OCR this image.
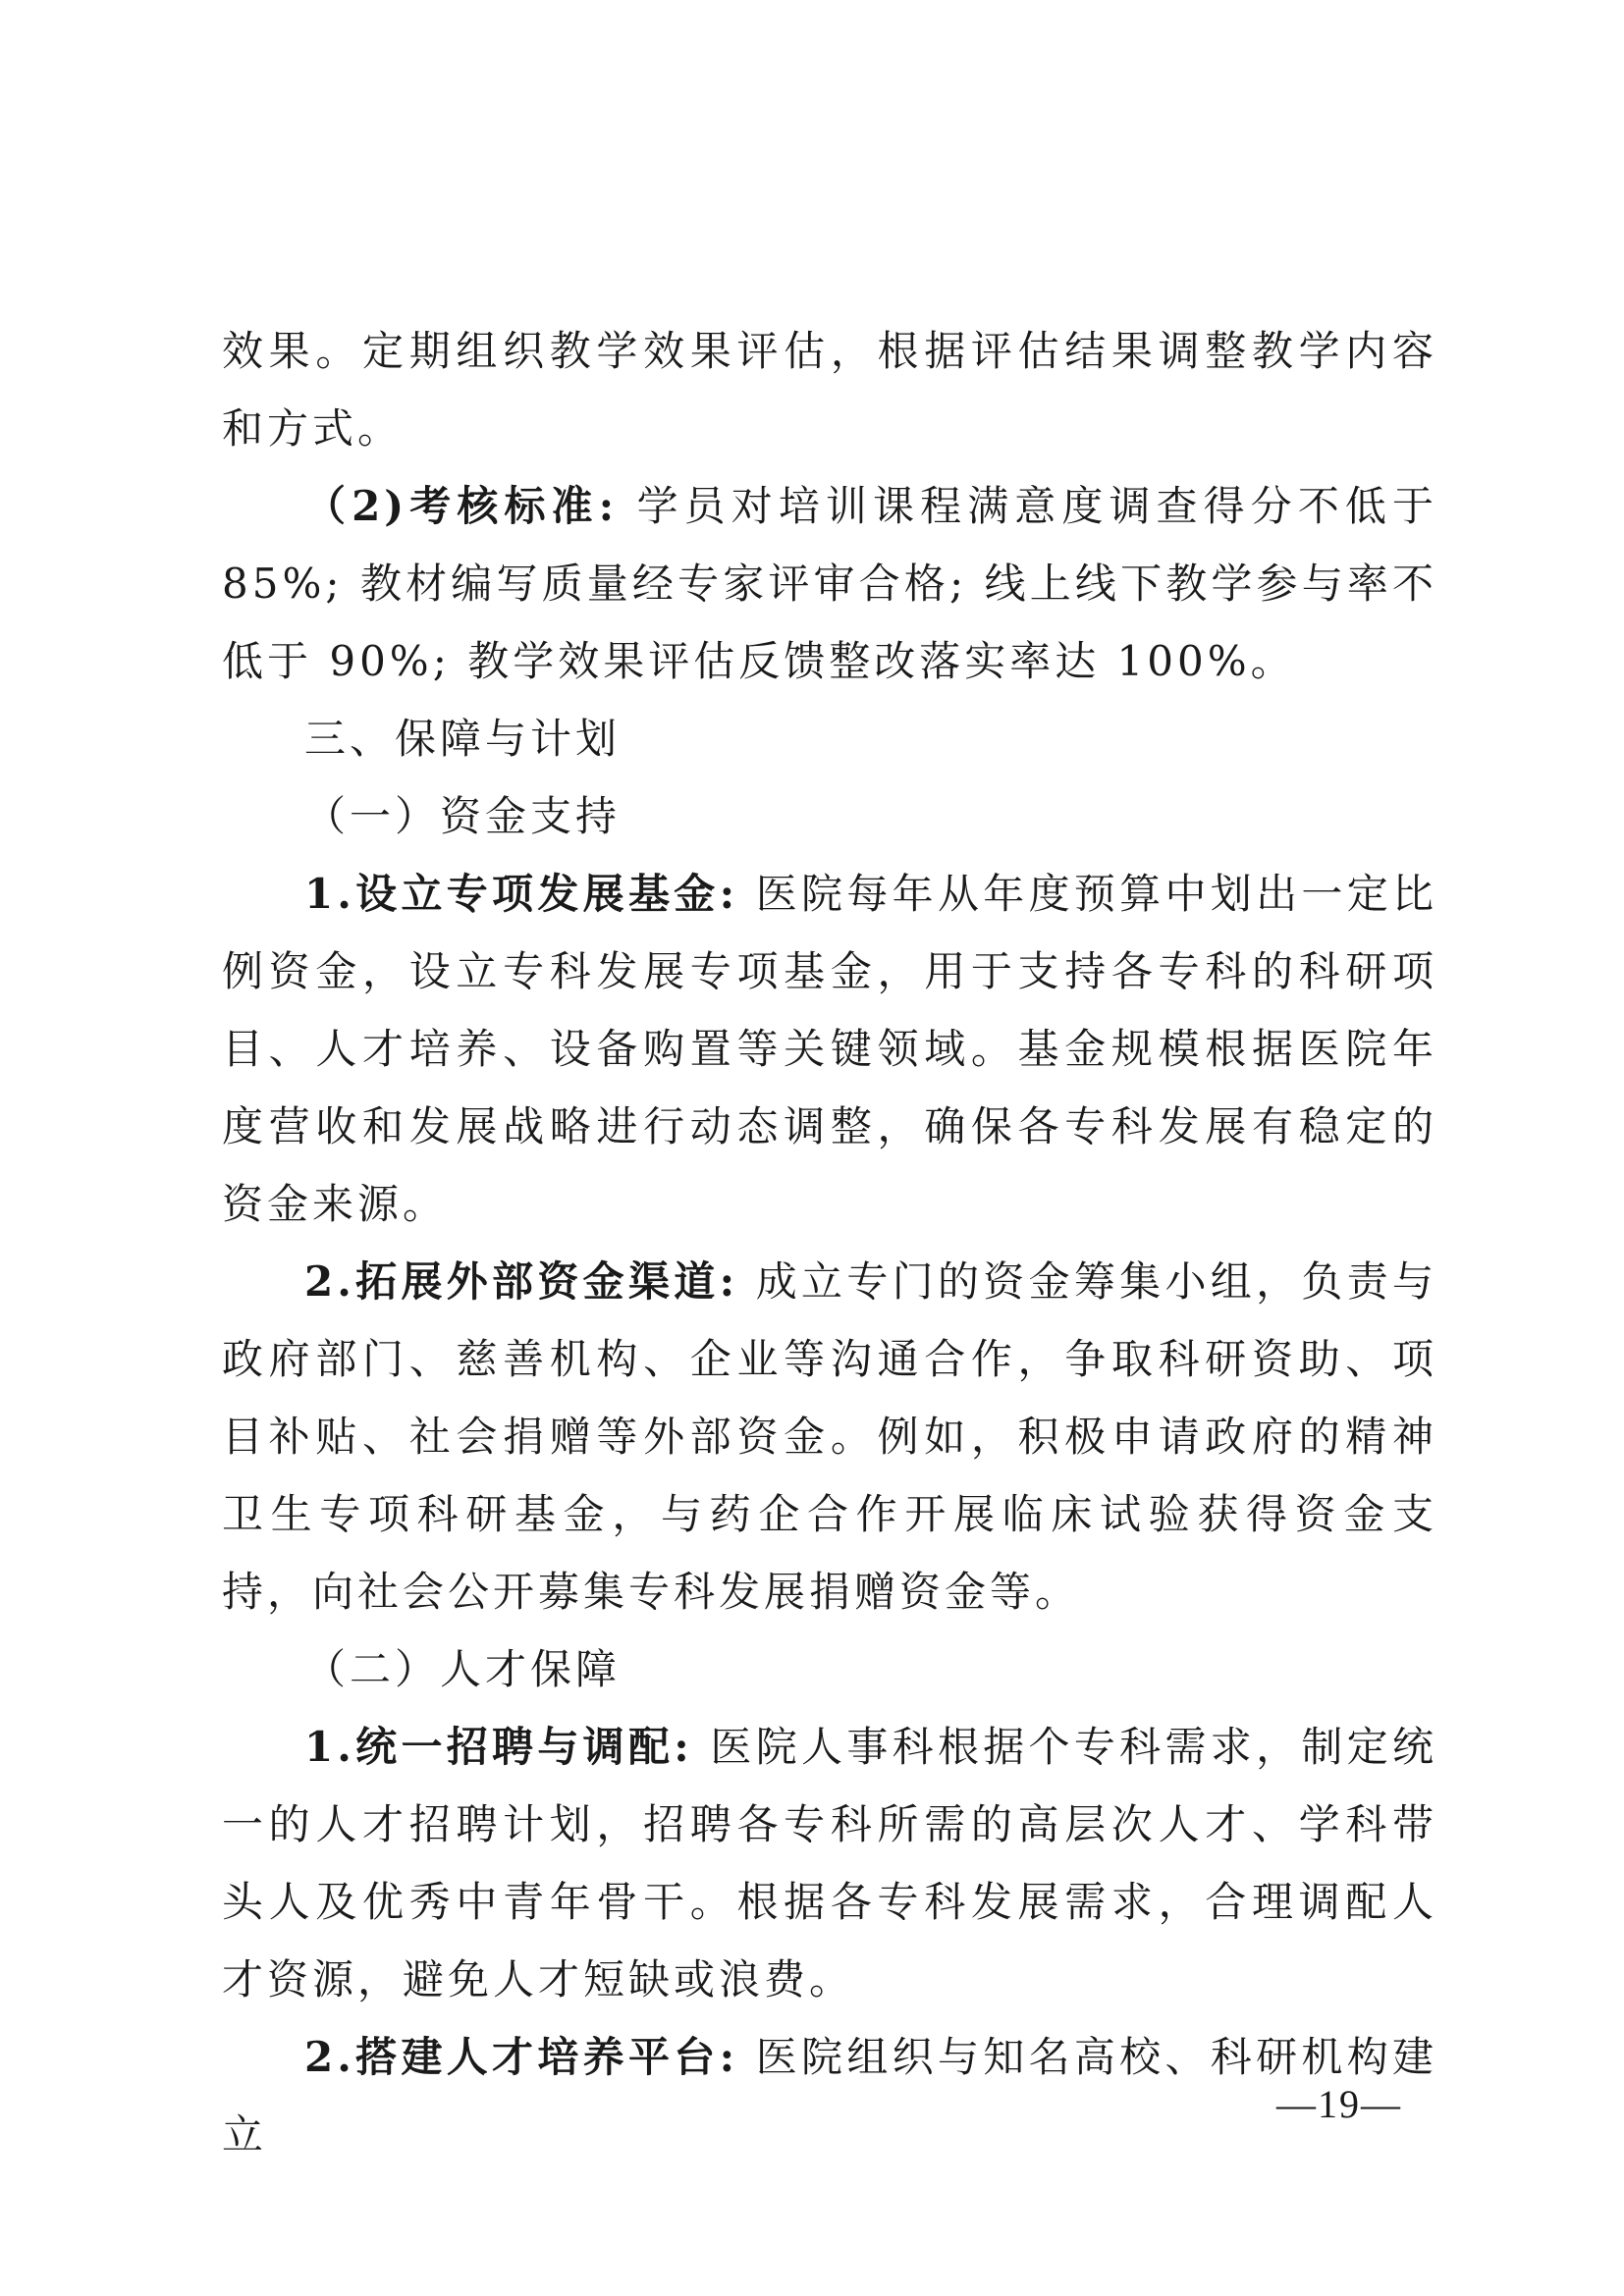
效果。定期组织教学效果评估，根据评估结果调整教学内容和方式。

（2)考核标准: 学员对培训课程满意度调查得分不低于 85%; 教材编写质量经专家评审合格; 线上线下教学参与率不低于 90%; 教学效果评估反馈整改落实率达 100%。

三、保障与计划

（一）资金支持

1.设立专项发展基金: 医院每年从年度预算中划出一定比例资金，设立专科发展专项基金，用于支持各专科的科研项目、人才培养、设备购置等关键领域。基金规模根据医院年度营收和发展战略进行动态调整，确保各专科发展有稳定的资金来源。

2.拓展外部资金渠道: 成立专门的资金筹集小组，负责与政府部门、慈善机构、企业等沟通合作，争取科研资助、项目补贴、社会捐赠等外部资金。例如，积极申请政府的精神卫生专项科研基金，与药企合作开展临床试验获得资金支持，向社会公开募集专科发展捐赠资金等。

（二）人才保障

1.统一招聘与调配: 医院人事科根据个专科需求，制定统一的人才招聘计划，招聘各专科所需的高层次人才、学科带头人及优秀中青年骨干。根据各专科发展需求，合理调配人才资源，避免人才短缺或浪费。

2.搭建人才培养平台: 医院组织与知名高校、科研机构建立

—19—
